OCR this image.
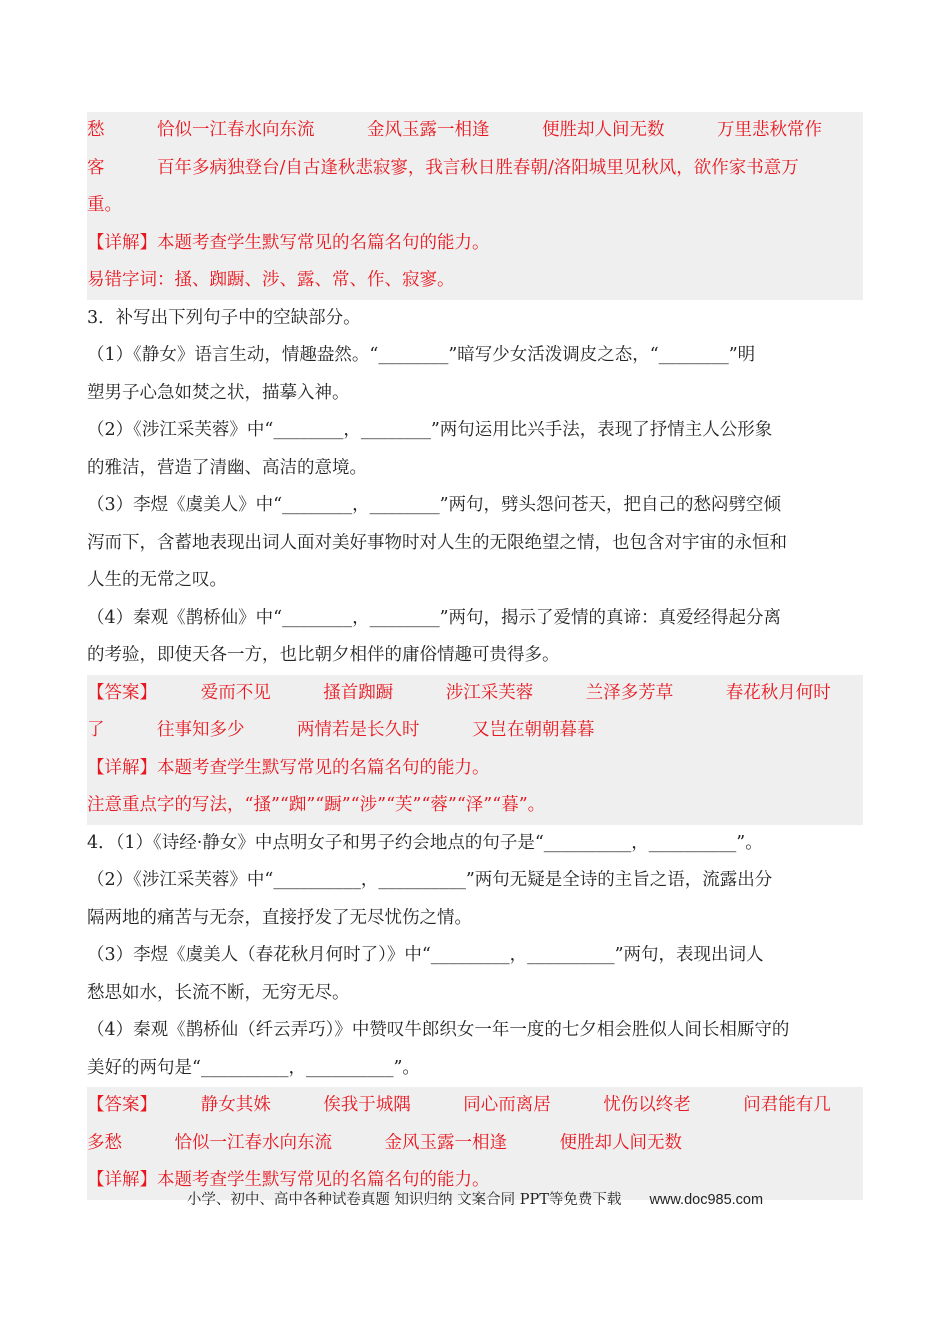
愁　　　恰似一江春水向东流　　　金风玉露一相逢　　　便胜却人间无数　　　万里悲秋常作
客　　　百年多病独登台/自古逢秋悲寂寥，我言秋日胜春朝/洛阳城里见秋风，欲作家书意万
重。
【详解】本题考查学生默写常见的名篇名句的能力。
易错字词：搔、踟蹰、涉、露、常、作、寂寥。
3．补写出下列句子中的空缺部分。
（1）《静女》语言生动，情趣盎然。“________”暗写少女活泼调皮之态，“________”明
塑男子心急如焚之状，描摹入神。
（2）《涉江采芙蓉》中“________，________”两句运用比兴手法，表现了抒情主人公形象
的雅洁，营造了清幽、高洁的意境。
（3）李煜《虞美人》中“________，________”两句，劈头怨问苍天，把自己的愁闷劈空倾
泻而下，含蓄地表现出词人面对美好事物时对人生的无限绝望之情，也包含对宇宙的永恒和
人生的无常之叹。
（4）秦观《鹊桥仙》中“________，________”两句，揭示了爱情的真谛：真爱经得起分离
的考验，即使天各一方，也比朝夕相伴的庸俗情趣可贵得多。
【答案】　　　爱而不见　　　搔首踟蹰　　　涉江采芙蓉　　　兰泽多芳草　　　春花秋月何时
了　　　往事知多少　　　两情若是长久时　　　又岂在朝朝暮暮
【详解】本题考查学生默写常见的名篇名句的能力。
注意重点字的写法，“搔”“踟”“蹰”“涉”“芙”“蓉”“泽”“暮”。
4．（1）《诗经·静女》中点明女子和男子约会地点的句子是“__________，__________”。
（2）《涉江采芙蓉》中“__________，__________”两句无疑是全诗的主旨之语，流露出分
隔两地的痛苦与无奈，直接抒发了无尽忧伤之情。
（3）李煜《虞美人（春花秋月何时了）》中“_________，__________”两句，表现出词人
愁思如水，长流不断，无穷无尽。
（4）秦观《鹊桥仙（纤云弄巧）》中赞叹牛郎织女一年一度的七夕相会胜似人间长相厮守的
美好的两句是“__________，__________”。
【答案】　　　静女其姝　　　俟我于城隅　　　同心而离居　　　忧伤以终老　　　问君能有几
多愁　　　恰似一江春水向东流　　　金风玉露一相逢　　　便胜却人间无数
【详解】本题考查学生默写常见的名篇名句的能力。
小学、初中、高中各种试卷真题 知识归纳 文案合同 PPT等免费下载 www.doc985.com
